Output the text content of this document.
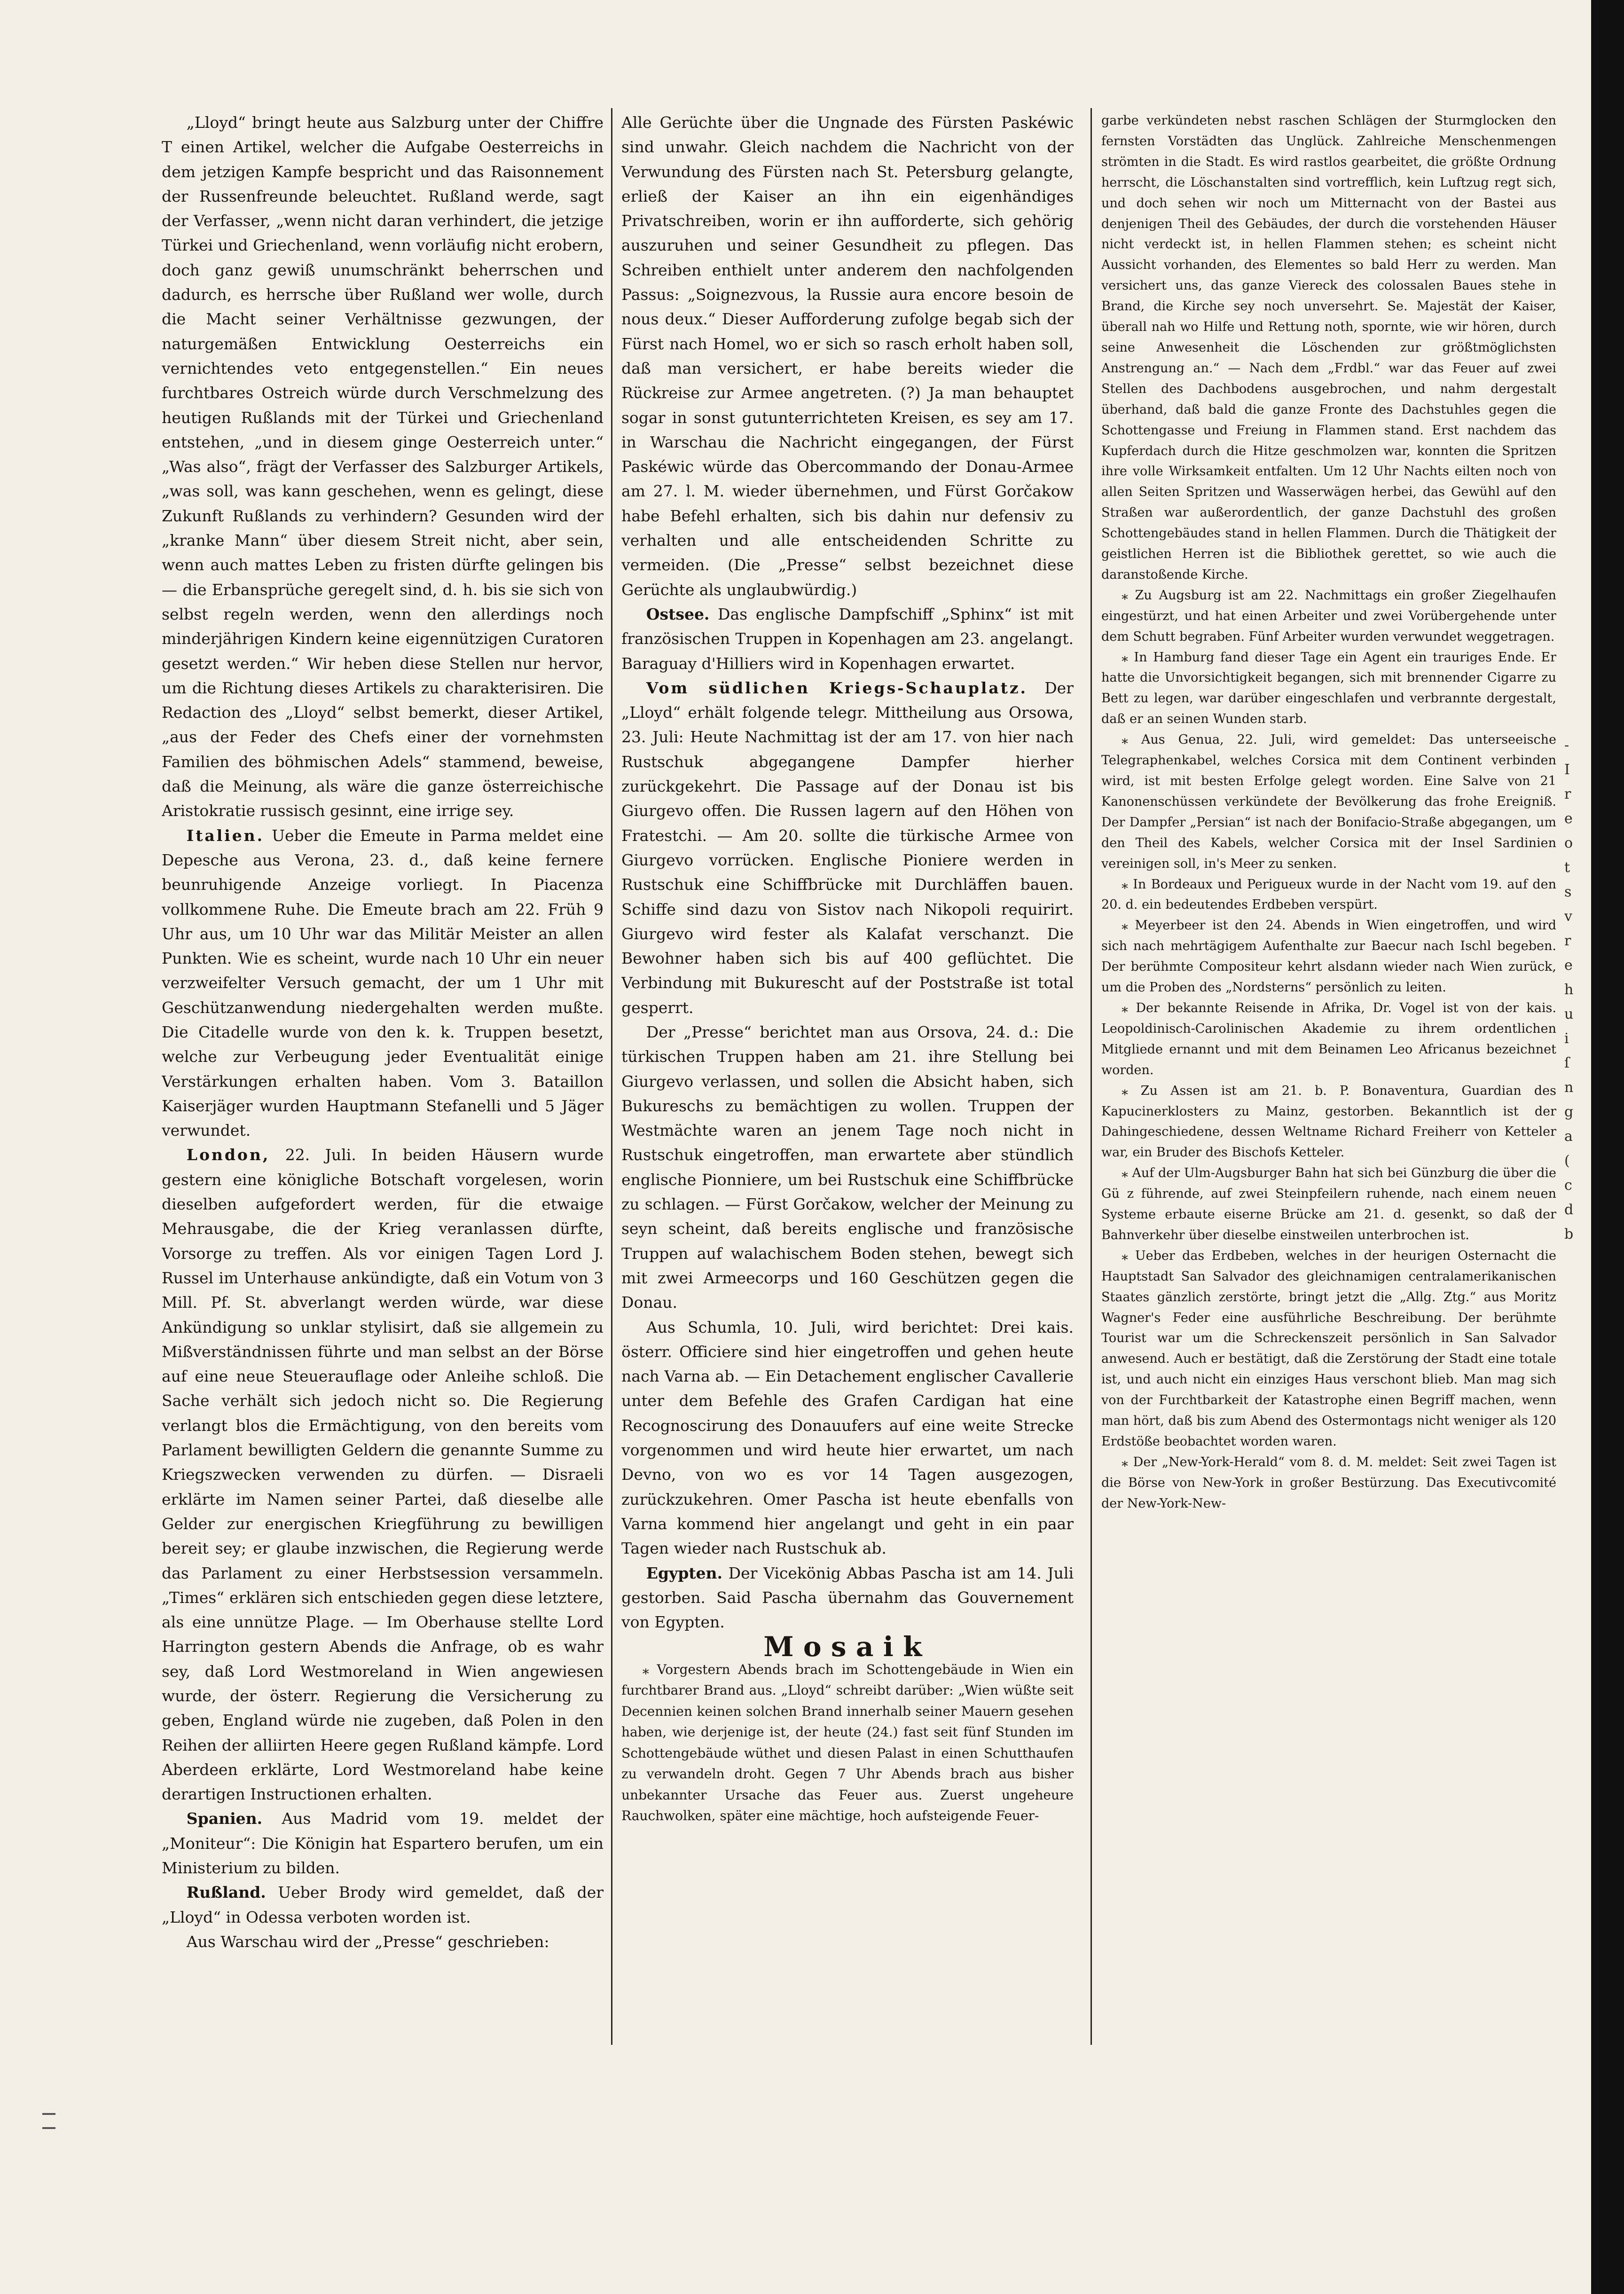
„Lloyd“ bringt heute aus Salzburg unter der Chiffre T einen Artikel, welcher die Aufgabe Oesterreichs in dem jetzigen Kampfe bespricht und das Raisonnement der Russenfreunde beleuchtet. Rußland werde, sagt der Verfasser, „wenn nicht daran verhindert, die jetzige Türkei und Griechenland, wenn vorläufig nicht erobern, doch ganz gewiß unumschränkt beherrschen und dadurch, es herrsche über Rußland wer wolle, durch die Macht seiner Verhältnisse gezwungen, der naturgemäßen Entwicklung Oesterreichs ein vernichtendes veto entgegenstellen.“ Ein neues furchtbares Ostreich würde durch Verschmelzung des heutigen Rußlands mit der Türkei und Griechenland entstehen, „und in diesem ginge Oesterreich unter.“ „Was also“, frägt der Verfasser des Salzburger Artikels, „was soll, was kann geschehen, wenn es gelingt, diese Zukunft Rußlands zu verhindern? Gesunden wird der „kranke Mann“ über diesem Streit nicht, aber sein, wenn auch mattes Leben zu fristen dürfte gelingen bis — die Erbansprüche geregelt sind, d. h. bis sie sich von selbst regeln werden, wenn den allerdings noch minderjährigen Kindern keine eigennützigen Curatoren gesetzt werden.“ Wir heben diese Stellen nur hervor, um die Richtung dieses Artikels zu charakterisiren. Die Redaction des „Lloyd“ selbst bemerkt, dieser Artikel, „aus der Feder des Chefs einer der vornehmsten Familien des böhmischen Adels“ stammend, beweise, daß die Meinung, als wäre die ganze österreichische Aristokratie russisch gesinnt, eine irrige sey.

Italien. Ueber die Emeute in Parma meldet eine Depesche aus Verona, 23. d., daß keine fernere beunruhigende Anzeige vorliegt. In Piacenza vollkommene Ruhe. Die Emeute brach am 22. Früh 9 Uhr aus, um 10 Uhr war das Militär Meister an allen Punkten. Wie es scheint, wurde nach 10 Uhr ein neuer verzweifelter Versuch gemacht, der um 1 Uhr mit Geschützanwendung niedergehalten werden mußte. Die Citadelle wurde von den k. k. Truppen besetzt, welche zur Verbeugung jeder Eventualität einige Verstärkungen erhalten haben. Vom 3. Bataillon Kaiserjäger wurden Hauptmann Stefanelli und 5 Jäger verwundet.

London, 22. Juli. In beiden Häusern wurde gestern eine königliche Botschaft vorgelesen, worin dieselben aufgefordert werden, für die etwaige Mehrausgabe, die der Krieg veranlassen dürfte, Vorsorge zu treffen. Als vor einigen Tagen Lord J. Russel im Unterhause ankündigte, daß ein Votum von 3 Mill. Pf. St. abverlangt werden würde, war diese Ankündigung so unklar stylisirt, daß sie allgemein zu Mißverständnissen führte und man selbst an der Börse auf eine neue Steuerauflage oder Anleihe schloß. Die Sache verhält sich jedoch nicht so. Die Regierung verlangt blos die Ermächtigung, von den bereits vom Parlament bewilligten Geldern die genannte Summe zu Kriegszwecken verwenden zu dürfen. — Disraeli erklärte im Namen seiner Partei, daß dieselbe alle Gelder zur energischen Kriegführung zu bewilligen bereit sey; er glaube inzwischen, die Regierung werde das Parlament zu einer Herbstsession versammeln. „Times“ erklären sich entschieden gegen diese letztere, als eine unnütze Plage. — Im Oberhause stellte Lord Harrington gestern Abends die Anfrage, ob es wahr sey, daß Lord Westmoreland in Wien angewiesen wurde, der österr. Regierung die Versicherung zu geben, England würde nie zugeben, daß Polen in den Reihen der alliirten Heere gegen Rußland kämpfe. Lord Aberdeen erklärte, Lord Westmoreland habe keine derartigen Instructionen erhalten.

Spanien. Aus Madrid vom 19. meldet der „Moniteur“: Die Königin hat Espartero berufen, um ein Ministerium zu bilden.

Rußland. Ueber Brody wird gemeldet, daß der „Lloyd“ in Odessa verboten worden ist.

Aus Warschau wird der „Presse“ geschrieben:

Alle Gerüchte über die Ungnade des Fürsten Paskéwic sind unwahr. Gleich nachdem die Nachricht von der Verwundung des Fürsten nach St. Petersburg gelangte, erließ der Kaiser an ihn ein eigenhändiges Privatschreiben, worin er ihn aufforderte, sich gehörig auszuruhen und seiner Gesundheit zu pflegen. Das Schreiben enthielt unter anderem den nachfolgenden Passus: „Soignezvous, la Russie aura encore besoin de nous deux.“ Dieser Aufforderung zufolge begab sich der Fürst nach Homel, wo er sich so rasch erholt haben soll, daß man versichert, er habe bereits wieder die Rückreise zur Armee angetreten. (?) Ja man behauptet sogar in sonst gutunterrichteten Kreisen, es sey am 17. in Warschau die Nachricht eingegangen, der Fürst Paskéwic würde das Obercommando der Donau-Armee am 27. l. M. wieder übernehmen, und Fürst Gorčakow habe Befehl erhalten, sich bis dahin nur defensiv zu verhalten und alle entscheidenden Schritte zu vermeiden. (Die „Presse“ selbst bezeichnet diese Gerüchte als unglaubwürdig.)

Ostsee. Das englische Dampfschiff „Sphinx“ ist mit französischen Truppen in Kopenhagen am 23. angelangt. Baraguay d'Hilliers wird in Kopenhagen erwartet.

Vom südlichen Kriegs-Schauplatz. Der „Lloyd“ erhält folgende telegr. Mittheilung aus Orsowa, 23. Juli: Heute Nachmittag ist der am 17. von hier nach Rustschuk abgegangene Dampfer hierher zurückgekehrt. Die Passage auf der Donau ist bis Giurgevo offen. Die Russen lagern auf den Höhen von Fratestchi. — Am 20. sollte die türkische Armee von Giurgevo vorrücken. Englische Pioniere werden in Rustschuk eine Schiffbrücke mit Durchläffen bauen. Schiffe sind dazu von Sistov nach Nikopoli requirirt. Giurgevo wird fester als Kalafat verschanzt. Die Bewohner haben sich bis auf 400 geflüchtet. Die Verbindung mit Bukurescht auf der Poststraße ist total gesperrt.

Der „Presse“ berichtet man aus Orsova, 24. d.: Die türkischen Truppen haben am 21. ihre Stellung bei Giurgevo verlassen, und sollen die Absicht haben, sich Bukureschs zu bemächtigen zu wollen. Truppen der Westmächte waren an jenem Tage noch nicht in Rustschuk eingetroffen, man erwartete aber stündlich englische Pionniere, um bei Rustschuk eine Schiffbrücke zu schlagen. — Fürst Gorčakow, welcher der Meinung zu seyn scheint, daß bereits englische und französische Truppen auf walachischem Boden stehen, bewegt sich mit zwei Armeecorps und 160 Geschützen gegen die Donau.

Aus Schumla, 10. Juli, wird berichtet: Drei kais. österr. Officiere sind hier eingetroffen und gehen heute nach Varna ab. — Ein Detachement englischer Cavallerie unter dem Befehle des Grafen Cardigan hat eine Recognoscirung des Donauufers auf eine weite Strecke vorgenommen und wird heute hier erwartet, um nach Devno, von wo es vor 14 Tagen ausgezogen, zurückzukehren. Omer Pascha ist heute ebenfalls von Varna kommend hier angelangt und geht in ein paar Tagen wieder nach Rustschuk ab.

Egypten. Der Vicekönig Abbas Pascha ist am 14. Juli gestorben. Said Pascha übernahm das Gouvernement von Egypten.

Mosaik

⁎ Vorgestern Abends brach im Schottengebäude in Wien ein furchtbarer Brand aus. „Lloyd“ schreibt darüber: „Wien wüßte seit Decennien keinen solchen Brand innerhalb seiner Mauern gesehen haben, wie derjenige ist, der heute (24.) fast seit fünf Stunden im Schottengebäude wüthet und diesen Palast in einen Schutthaufen zu verwandeln droht. Gegen 7 Uhr Abends brach aus bisher unbekannter Ursache das Feuer aus. Zuerst ungeheure Rauchwolken, später eine mächtige, hoch aufsteigende Feuer-

garbe verkündeten nebst raschen Schlägen der Sturmglocken den fernsten Vorstädten das Unglück. Zahlreiche Menschenmengen strömten in die Stadt. Es wird rastlos gearbeitet, die größte Ordnung herrscht, die Löschanstalten sind vortrefflich, kein Luftzug regt sich, und doch sehen wir noch um Mitternacht von der Bastei aus denjenigen Theil des Gebäudes, der durch die vorstehenden Häuser nicht verdeckt ist, in hellen Flammen stehen; es scheint nicht Aussicht vorhanden, des Elementes so bald Herr zu werden. Man versichert uns, das ganze Viereck des colossalen Baues stehe in Brand, die Kirche sey noch unversehrt. Se. Majestät der Kaiser, überall nah wo Hilfe und Rettung noth, spornte, wie wir hören, durch seine Anwesenheit die Löschenden zur größtmöglichsten Anstrengung an.“ — Nach dem „Frdbl.“ war das Feuer auf zwei Stellen des Dachbodens ausgebrochen, und nahm dergestalt überhand, daß bald die ganze Fronte des Dachstuhles gegen die Schottengasse und Freiung in Flammen stand. Erst nachdem das Kupferdach durch die Hitze geschmolzen war, konnten die Spritzen ihre volle Wirksamkeit entfalten. Um 12 Uhr Nachts eilten noch von allen Seiten Spritzen und Wasserwägen herbei, das Gewühl auf den Straßen war außerordentlich, der ganze Dachstuhl des großen Schottengebäudes stand in hellen Flammen. Durch die Thätigkeit der geistlichen Herren ist die Bibliothek gerettet, so wie auch die daranstoßende Kirche.

⁎ Zu Augsburg ist am 22. Nachmittags ein großer Ziegelhaufen eingestürzt, und hat einen Arbeiter und zwei Vorübergehende unter dem Schutt begraben. Fünf Arbeiter wurden verwundet weggetragen.

⁎ In Hamburg fand dieser Tage ein Agent ein trauriges Ende. Er hatte die Unvorsichtigkeit begangen, sich mit brennender Cigarre zu Bett zu legen, war darüber eingeschlafen und verbrannte dergestalt, daß er an seinen Wunden starb.

⁎ Aus Genua, 22. Juli, wird gemeldet: Das unterseeische Telegraphenkabel, welches Corsica mit dem Continent verbinden wird, ist mit besten Erfolge gelegt worden. Eine Salve von 21 Kanonenschüssen verkündete der Bevölkerung das frohe Ereigniß. Der Dampfer „Persian“ ist nach der Bonifacio-Straße abgegangen, um den Theil des Kabels, welcher Corsica mit der Insel Sardinien vereinigen soll, in's Meer zu senken.

⁎ In Bordeaux und Perigueux wurde in der Nacht vom 19. auf den 20. d. ein bedeutendes Erdbeben verspürt.

⁎ Meyerbeer ist den 24. Abends in Wien eingetroffen, und wird sich nach mehrtägigem Aufenthalte zur Baecur nach Ischl begeben. Der berühmte Compositeur kehrt alsdann wieder nach Wien zurück, um die Proben des „Nordsterns“ persönlich zu leiten.

⁎ Der bekannte Reisende in Afrika, Dr. Vogel ist von der kais. Leopoldinisch-Carolinischen Akademie zu ihrem ordentlichen Mitgliede ernannt und mit dem Beinamen Leo Africanus bezeichnet worden.

⁎ Zu Assen ist am 21. b. P. Bonaventura, Guardian des Kapucinerklosters zu Mainz, gestorben. Bekanntlich ist der Dahingeschiedene, dessen Weltname Richard Freiherr von Ketteler war, ein Bruder des Bischofs Ketteler.

⁎ Auf der Ulm-Augsburger Bahn hat sich bei Günzburg die über die Gü z führende, auf zwei Steinpfeilern ruhende, nach einem neuen Systeme erbaute eiserne Brücke am 21. d. gesenkt, so daß der Bahnverkehr über dieselbe einstweilen unterbrochen ist.

⁎ Ueber das Erdbeben, welches in der heurigen Osternacht die Hauptstadt San Salvador des gleichnamigen centralamerikanischen Staates gänzlich zerstörte, bringt jetzt die „Allg. Ztg.“ aus Moritz Wagner's Feder eine ausführliche Beschreibung. Der berühmte Tourist war um die Schreckenszeit persönlich in San Salvador anwesend. Auch er bestätigt, daß die Zerstörung der Stadt eine totale ist, und auch nicht ein einziges Haus verschont blieb. Man mag sich von der Furchtbarkeit der Katastrophe einen Begriff machen, wenn man hört, daß bis zum Abend des Ostermontags nicht weniger als 120 Erdstöße beobachtet worden waren.

⁎ Der „New-York-Herald“ vom 8. d. M. meldet: Seit zwei Tagen ist die Börse von New-York in großer Bestürzung. Das Executivcomité der New-York-New-

-
I
r
e
o
t
s
v
r
e
h
u
i
ſ
n
g
a
(
c
d
b
